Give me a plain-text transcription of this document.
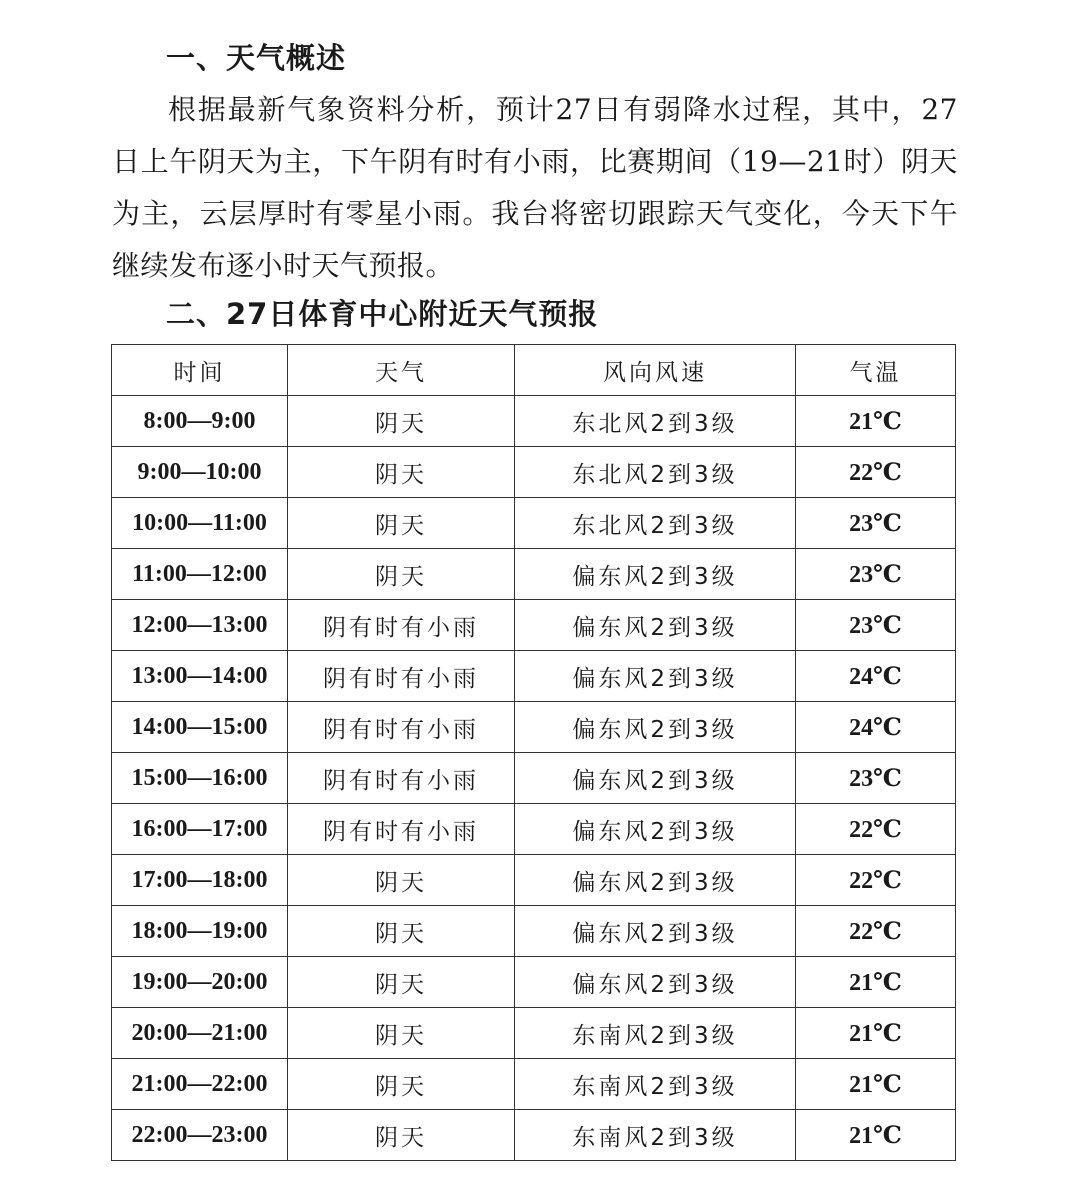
一、天气概述
根据最新气象资料分析，预计27日有弱降水过程，其中，27
日上午阴天为主，下午阴有时有小雨，比赛期间（19—21时）阴天
为主，云层厚时有零星小雨。我台将密切跟踪天气变化，今天下午
继续发布逐小时天气预报。
二、27日体育中心附近天气预报
时间	天气	风向风速	气温
8:00—9:00	阴天	东北风2到3级	21℃
9:00—10:00	阴天	东北风2到3级	22℃
10:00—11:00	阴天	东北风2到3级	23℃
11:00—12:00	阴天	偏东风2到3级	23℃
12:00—13:00	阴有时有小雨	偏东风2到3级	23℃
13:00—14:00	阴有时有小雨	偏东风2到3级	24℃
14:00—15:00	阴有时有小雨	偏东风2到3级	24℃
15:00—16:00	阴有时有小雨	偏东风2到3级	23℃
16:00—17:00	阴有时有小雨	偏东风2到3级	22℃
17:00—18:00	阴天	偏东风2到3级	22℃
18:00—19:00	阴天	偏东风2到3级	22℃
19:00—20:00	阴天	偏东风2到3级	21℃
20:00—21:00	阴天	东南风2到3级	21℃
21:00—22:00	阴天	东南风2到3级	21℃
22:00—23:00	阴天	东南风2到3级	21℃
